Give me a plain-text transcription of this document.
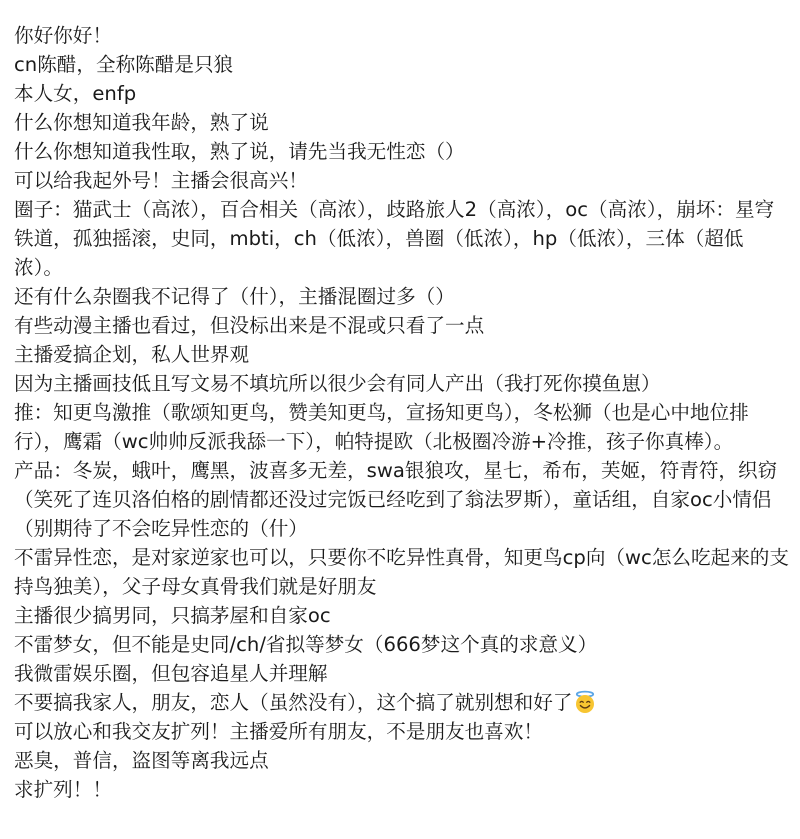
你好你好！

cn陈醋，全称陈醋是只狼

本人女，enfp

什么你想知道我年龄，熟了说

什么你想知道我性取，熟了说，请先当我无性恋（）

可以给我起外号！主播会很高兴！

圈子：猫武士（高浓），百合相关（高浓），歧路旅人2（高浓），oc（高浓），崩坏：星穹铁道，孤独摇滚，史同，mbti，ch（低浓），兽圈（低浓），hp（低浓），三体（超低浓）。

还有什么杂圈我不记得了（什），主播混圈过多（）

有些动漫主播也看过，但没标出来是不混或只看了一点

主播爱搞企划，私人世界观

因为主播画技低且写文易不填坑所以很少会有同人产出（我打死你摸鱼崽）

推：知更鸟激推（歌颂知更鸟，赞美知更鸟，宣扬知更鸟），冬松狮（也是心中地位排行），鹰霜（wc帅帅反派我舔一下），帕特提欧（北极圈冷游+冷推，孩子你真棒）。

产品：冬炭，蛾叶，鹰黑，波喜多无差，swa银狼攻，星七，希布，芙姬，符青符，织窃（笑死了连贝洛伯格的剧情都还没过完饭已经吃到了翁法罗斯），童话组，自家oc小情侣（别期待了不会吃异性恋的（什）

不雷异性恋，是对家逆家也可以，只要你不吃异性真骨，知更鸟cp向（wc怎么吃起来的支持鸟独美），父子母女真骨我们就是好朋友

主播很少搞男同，只搞茅屋和自家oc

不雷梦女，但不能是史同/ch/省拟等梦女（666梦这个真的求意义）

我微雷娱乐圈，但包容追星人并理解

不要搞我家人，朋友，恋人（虽然没有），这个搞了就别想和好了

可以放心和我交友扩列！主播爱所有朋友，不是朋友也喜欢！

恶臭，普信，盗图等离我远点

求扩列！！
